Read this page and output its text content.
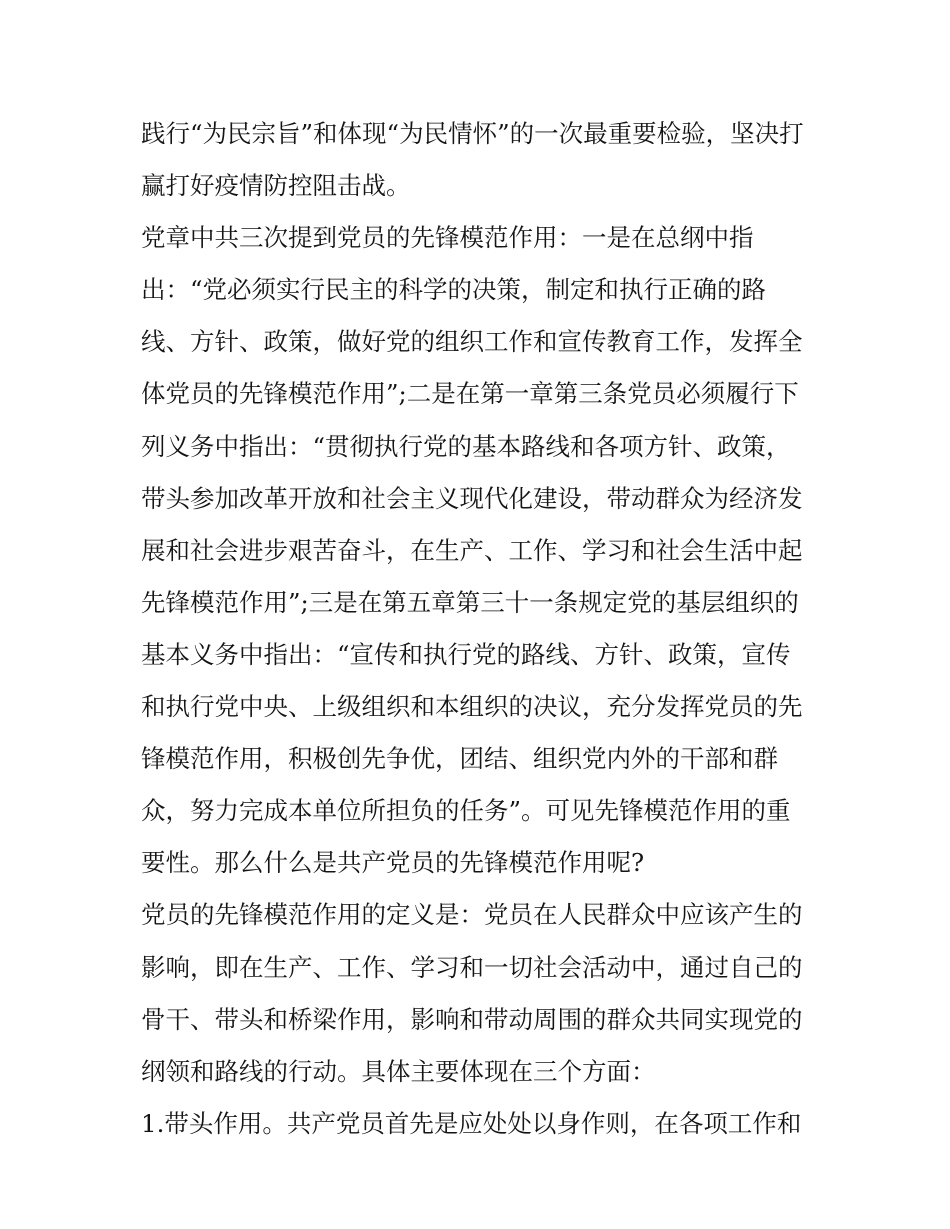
践行“为民宗旨”和体现“为民情怀”的一次最重要检验，坚决打
赢打好疫情防控阻击战。
党章中共三次提到党员的先锋模范作用：一是在总纲中指
出：“党必须实行民主的科学的决策，制定和执行正确的路
线、方针、政策，做好党的组织工作和宣传教育工作，发挥全
体党员的先锋模范作用”;二是在第一章第三条党员必须履行下
列义务中指出：“贯彻执行党的基本路线和各项方针、政策，
带头参加改革开放和社会主义现代化建设，带动群众为经济发
展和社会进步艰苦奋斗，在生产、工作、学习和社会生活中起
先锋模范作用”;三是在第五章第三十一条规定党的基层组织的
基本义务中指出：“宣传和执行党的路线、方针、政策，宣传
和执行党中央、上级组织和本组织的决议，充分发挥党员的先
锋模范作用，积极创先争优，团结、组织党内外的干部和群
众，努力完成本单位所担负的任务”。可见先锋模范作用的重
要性。那么什么是共产党员的先锋模范作用呢?
党员的先锋模范作用的定义是：党员在人民群众中应该产生的
影响，即在生产、工作、学习和一切社会活动中，通过自己的
骨干、带头和桥梁作用，影响和带动周围的群众共同实现党的
纲领和路线的行动。具体主要体现在三个方面：
1.带头作用。共产党员首先是应处处以身作则，在各项工作和
